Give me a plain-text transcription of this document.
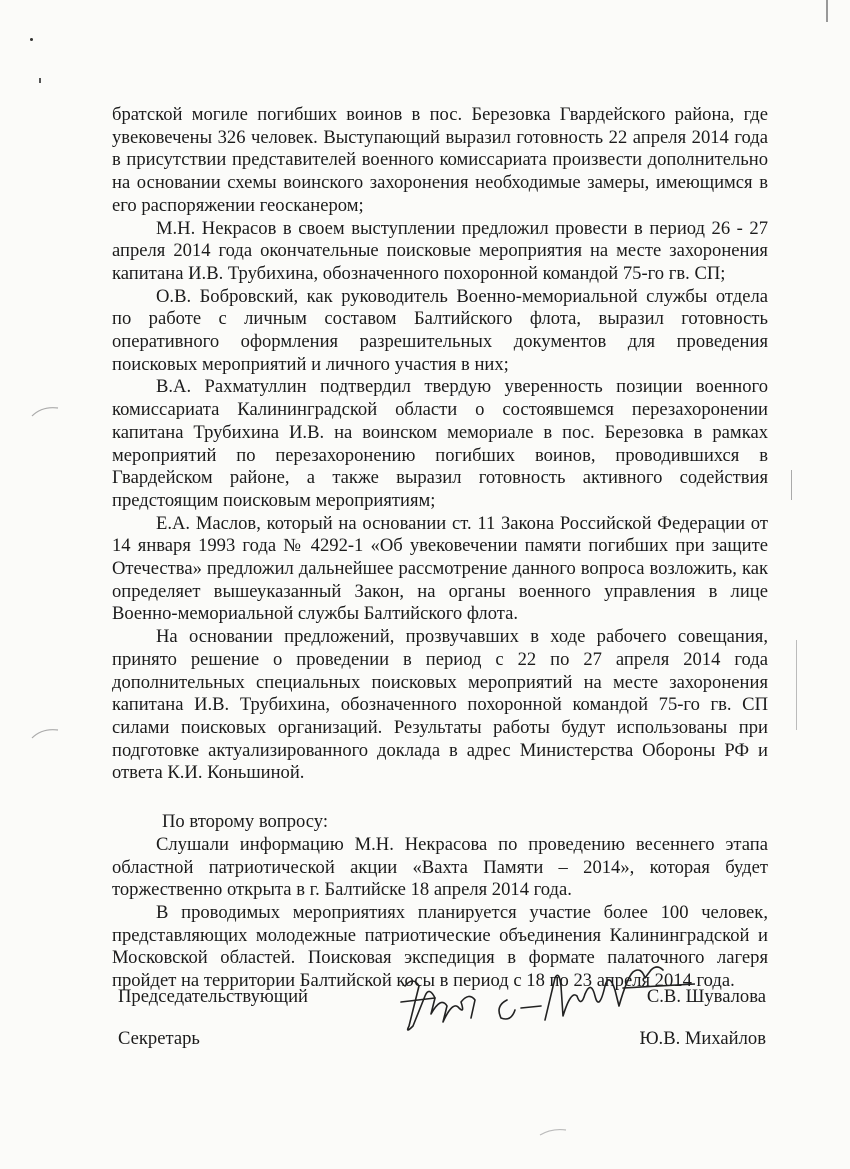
братской могиле погибших воинов в пос. Березовка Гвардейского района, где увековечены 326 человек. Выступающий выразил готовность 22 апреля 2014 года в присутствии представителей военного комиссариата произвести дополнительно на основании схемы воинского захоронения необходимые замеры, имеющимся в его распоряжении геосканером;

М.Н. Некрасов в своем выступлении предложил провести в период 26 - 27 апреля 2014 года окончательные поисковые мероприятия на месте захоронения капитана И.В. Трубихина, обозначенного похоронной командой 75-го гв. СП;

О.В. Бобровский, как руководитель Военно-мемориальной службы отдела по работе с личным составом Балтийского флота, выразил готовность оперативного оформления разрешительных документов для проведения поисковых мероприятий и личного участия в них;

В.А. Рахматуллин подтвердил твердую уверенность позиции военного комиссариата Калининградской области о состоявшемся перезахоронении капитана Трубихина И.В. на воинском мемориале в пос. Березовка в рамках мероприятий по перезахоронению погибших воинов, проводившихся в Гвардейском районе, а также выразил готовность активного содействия предстоящим поисковым мероприятиям;

Е.А. Маслов, который на основании ст. 11 Закона Российской Федерации от 14 января 1993 года № 4292-1 «Об увековечении памяти погибших при защите Отечества» предложил дальнейшее рассмотрение данного вопроса возложить, как определяет вышеуказанный Закон, на органы военного управления в лице Военно-мемориальной службы Балтийского флота.

На основании предложений, прозвучавших в ходе рабочего совещания, принято решение о проведении в период с 22 по 27 апреля 2014 года дополнительных специальных поисковых мероприятий на месте захоронения капитана И.В. Трубихина, обозначенного похоронной командой 75-го гв. СП силами поисковых организаций. Результаты работы будут использованы при подготовке актуализированного доклада в адрес Министерства Обороны РФ и ответа К.И. Коньшиной.

По второму вопросу:

Слушали информацию М.Н. Некрасова по проведению весеннего этапа областной патриотической акции «Вахта Памяти – 2014», которая будет торжественно открыта в г. Балтийске 18 апреля 2014 года.

В проводимых мероприятиях планируется участие более 100 человек, представляющих молодежные патриотические объединения Калининградской и Московской областей. Поисковая экспедиция в формате палаточного лагеря пройдет на территории Балтийской косы в период с 18 по 23 апреля 2014 года.

Председательствующий	С.В. Шувалова
Секретарь	Ю.В. Михайлов
